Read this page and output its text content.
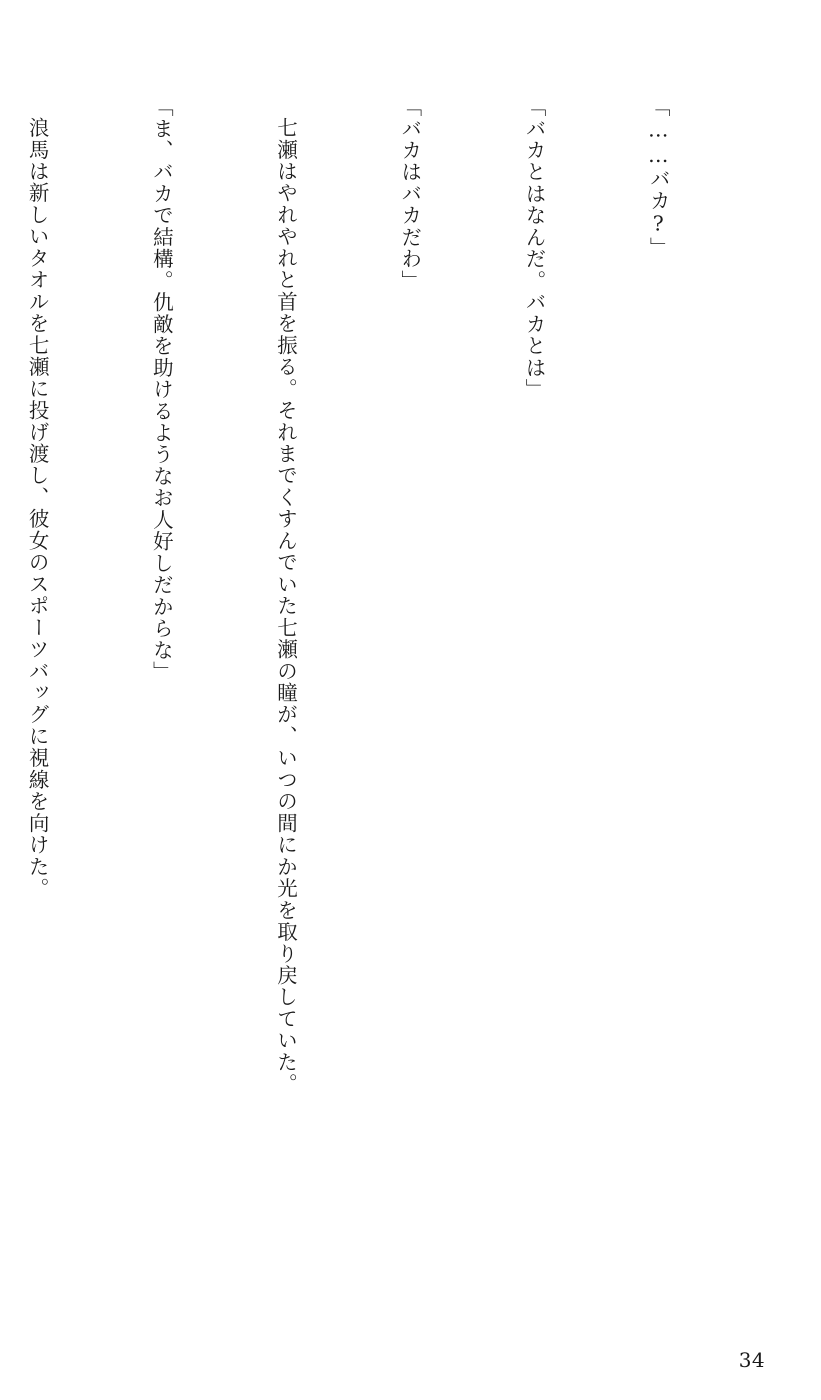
「……バカ?」

「バカとはなんだ。バカとは」

「バカはバカだわ」

七瀬はやれやれと首を振る。それまでくすんでいた七瀬の瞳が、いつの間にか光を取り戻していた。

「ま、バカで結構。仇敵を助けるようなお人好しだからな」

浪馬は新しいタオルを七瀬に投げ渡し、彼女のスポーツバッグに視線を向けた。

34
